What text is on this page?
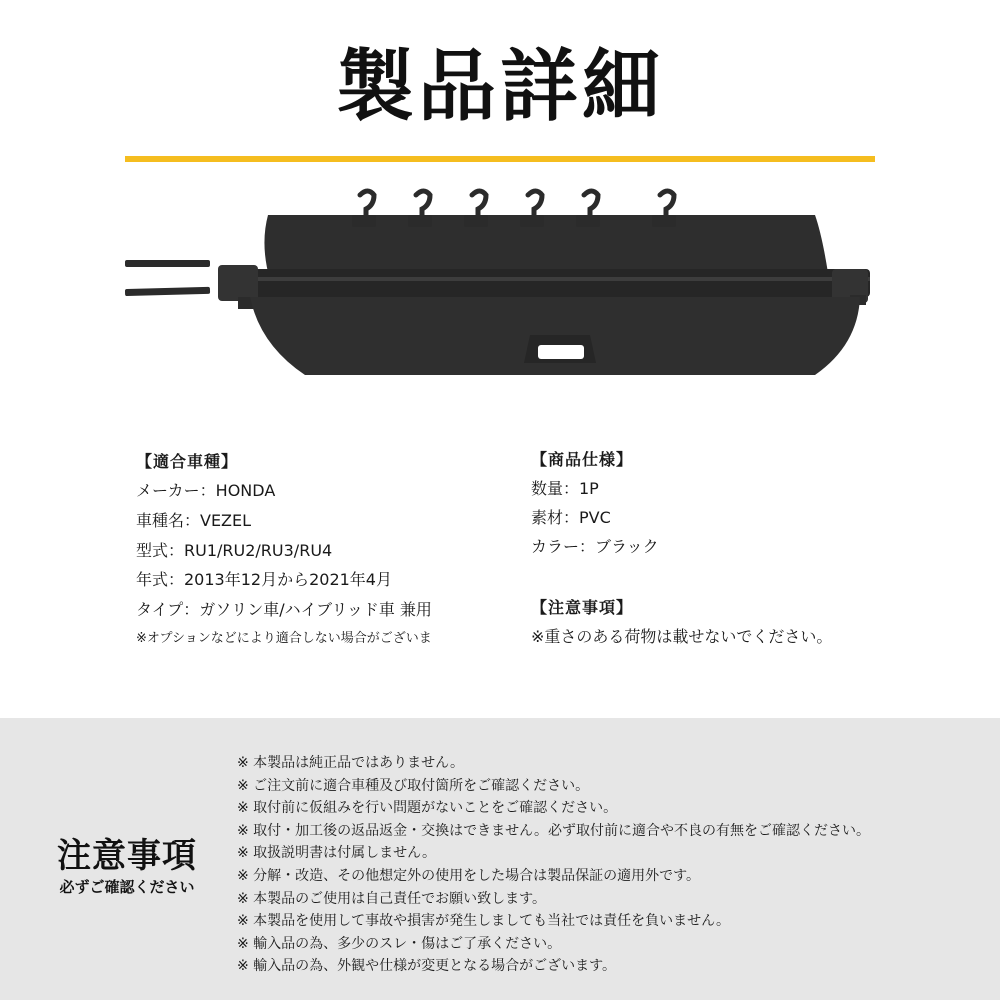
製品詳細
【適合車種】
メーカー：HONDA
車種名：VEZEL
型式：RU1/RU2/RU3/RU4
年式：2013年12月から2021年4月
タイプ：ガソリン車/ハイブリッド車 兼用
※オプションなどにより適合しない場合がございま
【商品仕様】
数量：1P
素材：PVC
カラー：ブラック
【注意事項】
※重さのある荷物は載せないでください。
注意事項
必ずご確認ください
※ 本製品は純正品ではありません。
※ ご注文前に適合車種及び取付箇所をご確認ください。
※ 取付前に仮組みを行い問題がないことをご確認ください。
※ 取付・加工後の返品返金・交換はできません。必ず取付前に適合や不良の有無をご確認ください。
※ 取扱説明書は付属しません。
※ 分解・改造、その他想定外の使用をした場合は製品保証の適用外です。
※ 本製品のご使用は自己責任でお願い致します。
※ 本製品を使用して事故や損害が発生しましても当社では責任を負いません。
※ 輸入品の為、多少のスレ・傷はご了承ください。
※ 輸入品の為、外観や仕様が変更となる場合がございます。
